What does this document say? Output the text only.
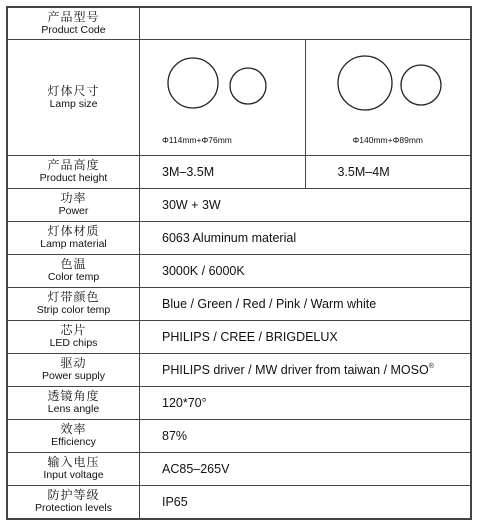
产品型号
Product Code		

灯体尺寸
Lamp size	Φ114mm+Φ76mm	Φ140mm+Φ89mm

产品高度
Product height	3M–3.5M	3.5M–4M

功率
Power	30W + 3W	

灯体材质
Lamp material	6063 Aluminum material	

色温
Color temp	3000K / 6000K	

灯带颜色
Strip color temp	Blue / Green / Red / Pink / Warm white	

芯片
LED chips	PHILIPS / CREE / BRIGDELUX	

驱动
Power supply	PHILIPS driver / MW driver from taiwan / MOSO®

透镜角度
Lens angle	120*70°	

效率
Efficiency	87%	

输入电压
Input voltage	AC85–265V	

防护等级
Protection levels	IP65	
